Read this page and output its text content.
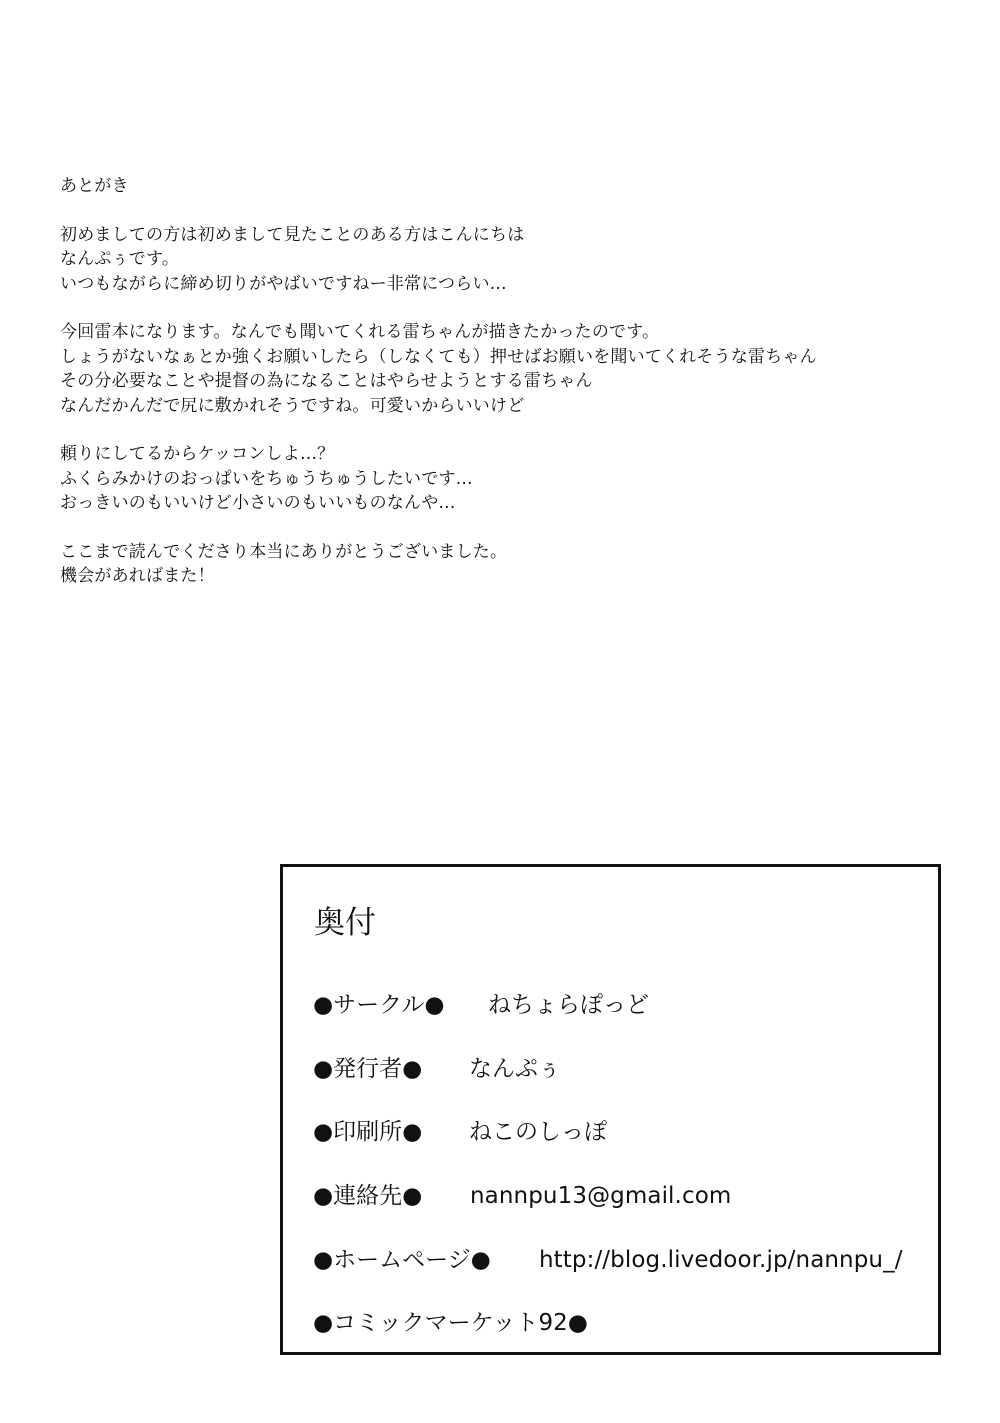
あとがき
初めましての方は初めまして見たことのある方はこんにちは
なんぷぅです。
いつもながらに締め切りがやばいですねー非常につらい…
今回雷本になります。なんでも聞いてくれる雷ちゃんが描きたかったのです。
しょうがないなぁとか強くお願いしたら（しなくても）押せばお願いを聞いてくれそうな雷ちゃん
その分必要なことや提督の為になることはやらせようとする雷ちゃん
なんだかんだで尻に敷かれそうですね。可愛いからいいけど
頼りにしてるからケッコンしよ…？
ふくらみかけのおっぱいをちゅうちゅうしたいです…
おっきいのもいいけど小さいのもいいものなんや…
ここまで読んでくださり本当にありがとうございました。
機会があればまた！
奥付
●サークル● ねちょらぽっど
●発行者● なんぷぅ
●印刷所● ねこのしっぽ
●連絡先● nannpu13@gmail.com
●ホームページ● http://blog.livedoor.jp/nannpu_/
●コミックマーケット92●
